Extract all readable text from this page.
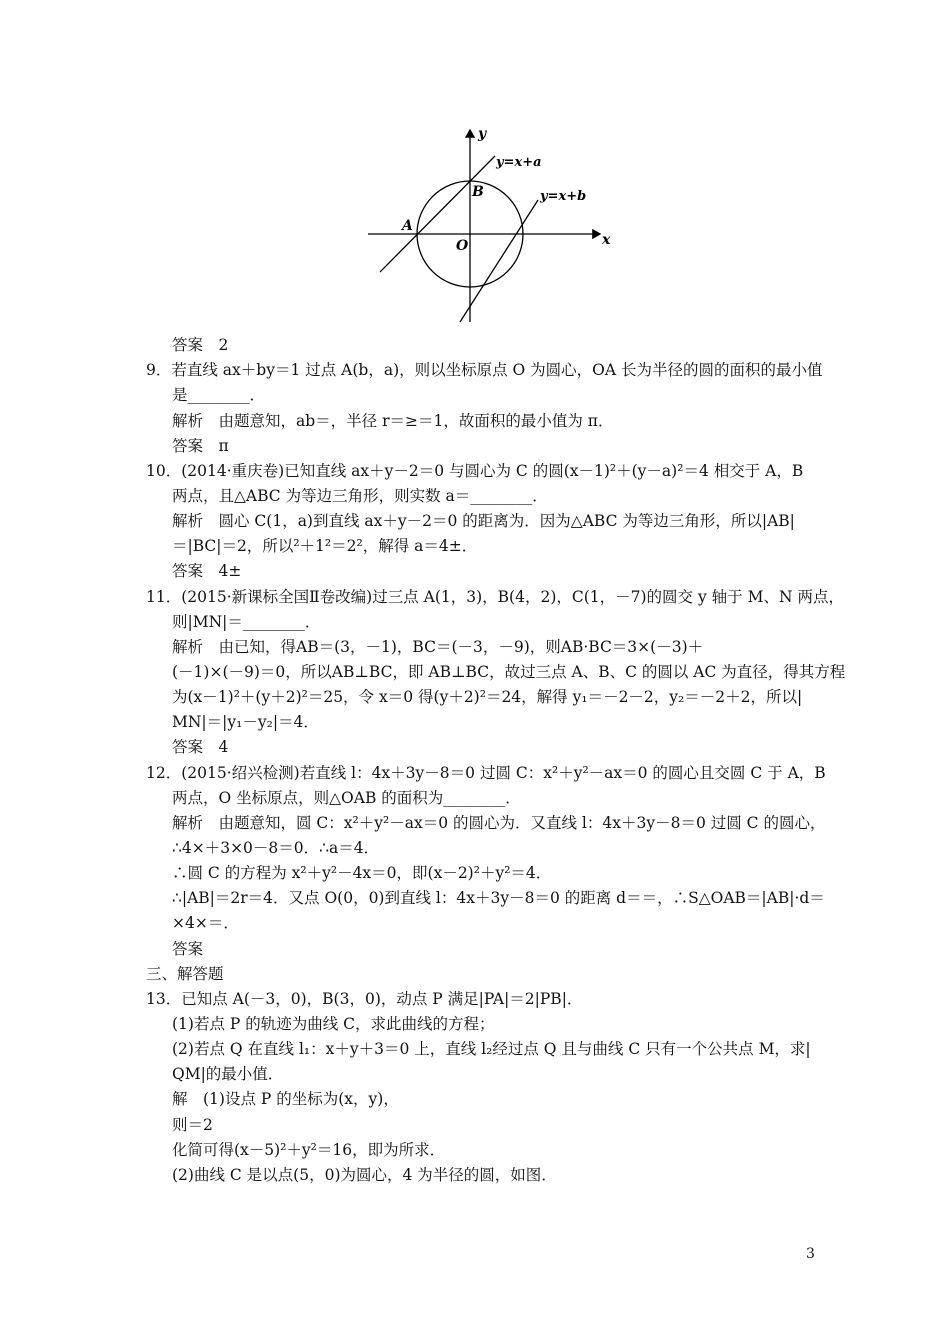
x
y
y=x+a
y=x+b
A
B
O
答案　2
9．若直线 ax＋by＝1 过点 A(b，a)，则以坐标原点 O 为圆心，OA 长为半径的圆的面积的最小值
是________．
解析　由题意知，ab＝，半径 r＝≥＝1，故面积的最小值为 π．
答案　π
10．(2014·重庆卷)已知直线 ax＋y－2＝0 与圆心为 C 的圆(x－1)²＋(y－a)²＝4 相交于 A，B
两点，且△ABC 为等边三角形，则实数 a＝________．
解析　圆心 C(1，a)到直线 ax＋y－2＝0 的距离为．因为△ABC 为等边三角形，所以|AB|
＝|BC|＝2，所以²＋1²＝2²，解得 a＝4±．
答案　4±
11．(2015·新课标全国Ⅱ卷改编)过三点 A(1，3)，B(4，2)，C(1，－7)的圆交 y 轴于 M、N 两点，
则|MN|＝________．
解析　由已知，得AB＝(3，－1)，BC＝(－3，－9)，则AB·BC＝3×(－3)＋
(－1)×(－9)＝0，所以AB⊥BC，即 AB⊥BC，故过三点 A、B、C 的圆以 AC 为直径，得其方程
为(x－1)²＋(y＋2)²＝25，令 x＝0 得(y＋2)²＝24，解得 y₁＝－2－2，y₂＝－2＋2，所以|
MN|＝|y₁－y₂|＝4．
答案　4
12．(2015·绍兴检测)若直线 l：4x＋3y－8＝0 过圆 C：x²＋y²－ax＝0 的圆心且交圆 C 于 A，B
两点，O 坐标原点，则△OAB 的面积为________．
解析　由题意知，圆 C：x²＋y²－ax＝0 的圆心为．又直线 l：4x＋3y－8＝0 过圆 C 的圆心，
∴4×＋3×0－8＝0．∴a＝4．
∴圆 C 的方程为 x²＋y²－4x＝0，即(x－2)²＋y²＝4．
∴|AB|＝2r＝4．又点 O(0，0)到直线 l：4x＋3y－8＝0 的距离 d＝＝，∴S△OAB＝|AB|·d＝
×4×＝．
答案
三、解答题
13．已知点 A(－3，0)，B(3，0)，动点 P 满足|PA|＝2|PB|．
(1)若点 P 的轨迹为曲线 C，求此曲线的方程；
(2)若点 Q 在直线 l₁：x＋y＋3＝0 上，直线 l₂经过点 Q 且与曲线 C 只有一个公共点 M，求|
QM|的最小值．
解　(1)设点 P 的坐标为(x，y)，
则＝2
化简可得(x－5)²＋y²＝16，即为所求．
(2)曲线 C 是以点(5，0)为圆心，4 为半径的圆，如图．
3
